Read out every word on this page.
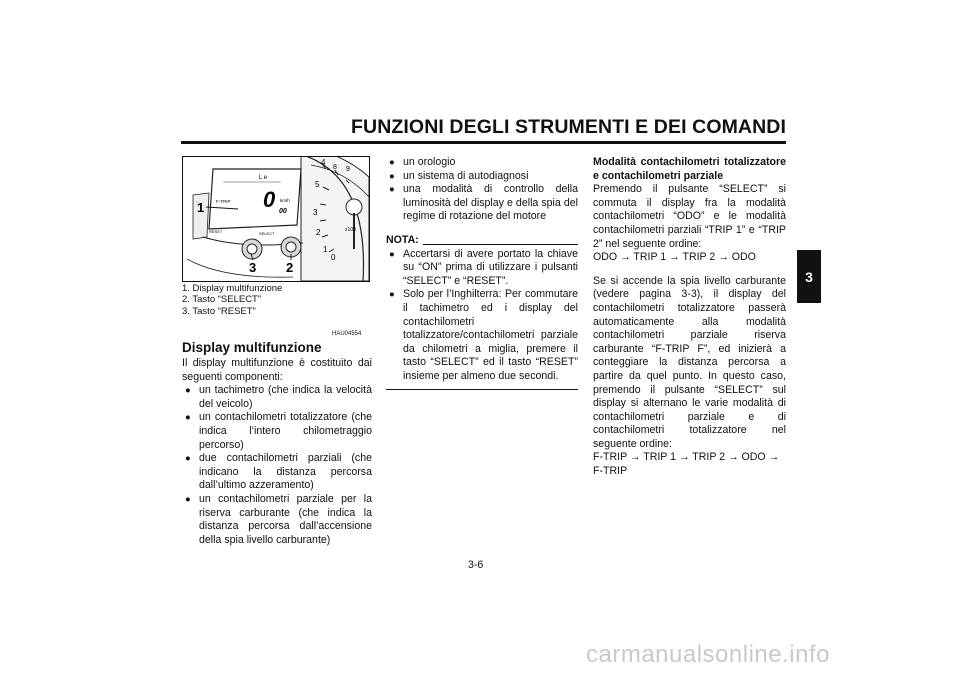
FUNZIONI DEGLI STRUMENTI E DEI COMANDI
3
4
8 9
5
3
2
1
0
x100
L e
F-TRIP 0 km/h
00
RESET	SELECT
1
3 2
1. Display multifunzione
2. Tasto “SELECT”
3. Tasto “RESET”
HAU04554
Display multifunzione

Il display multifunzione è costituito dai seguenti componenti:

● un tachimetro (che indica la velocità del veicolo)
● un contachilometri totalizzatore (che indica l’intero chilometraggio percorso)
● due contachilometri parziali (che indicano la distanza percorsa dall’ultimo azzeramento)
● un contachilometri parziale per la riserva carburante (che indica la distanza percorsa dall’accensione della spia livello carburante)
● un orologio
● un sistema di autodiagnosi
● una modalità di controllo della luminosità del display e della spia del regime di rotazione del motore
NOTA:
● Accertarsi di avere portato la chiave su “ON” prima di utilizzare i pulsanti “SELECT” e “RESET”.
● Solo per l’Inghilterra: Per commutare il tachimetro ed i display del contachilometri totalizzatore/contachilometri parziale da chilometri a miglia, premere il tasto “SELECT” ed il tasto “RESET” insieme per almeno due secondi.

Modalità contachilometri totalizzatore e contachilometri parziale

Premendo il pulsante “SELECT” si commuta il display fra la modalità contachilometri “ODO” e le modalità contachilometri parziali “TRIP 1” e “TRIP 2” nel seguente ordine:

ODO → TRIP 1 → TRIP 2 → ODO

Se si accende la spia livello carburante (vedere pagina 3-3), il display del contachilometri totalizzatore passerà automaticamente alla modalità contachilometri parziale riserva carburante “F-TRIP F”, ed inizierà a conteggiare la distanza percorsa a partire da quel punto. In questo caso, premendo il pulsante “SELECT” sul display si alternano le varie modalità di contachilometri parziale e di contachilometri totalizzatore nel seguente ordine:

F-TRIP → TRIP 1 → TRIP 2 → ODO → F-TRIP

3-6
carmanualsonline.info
